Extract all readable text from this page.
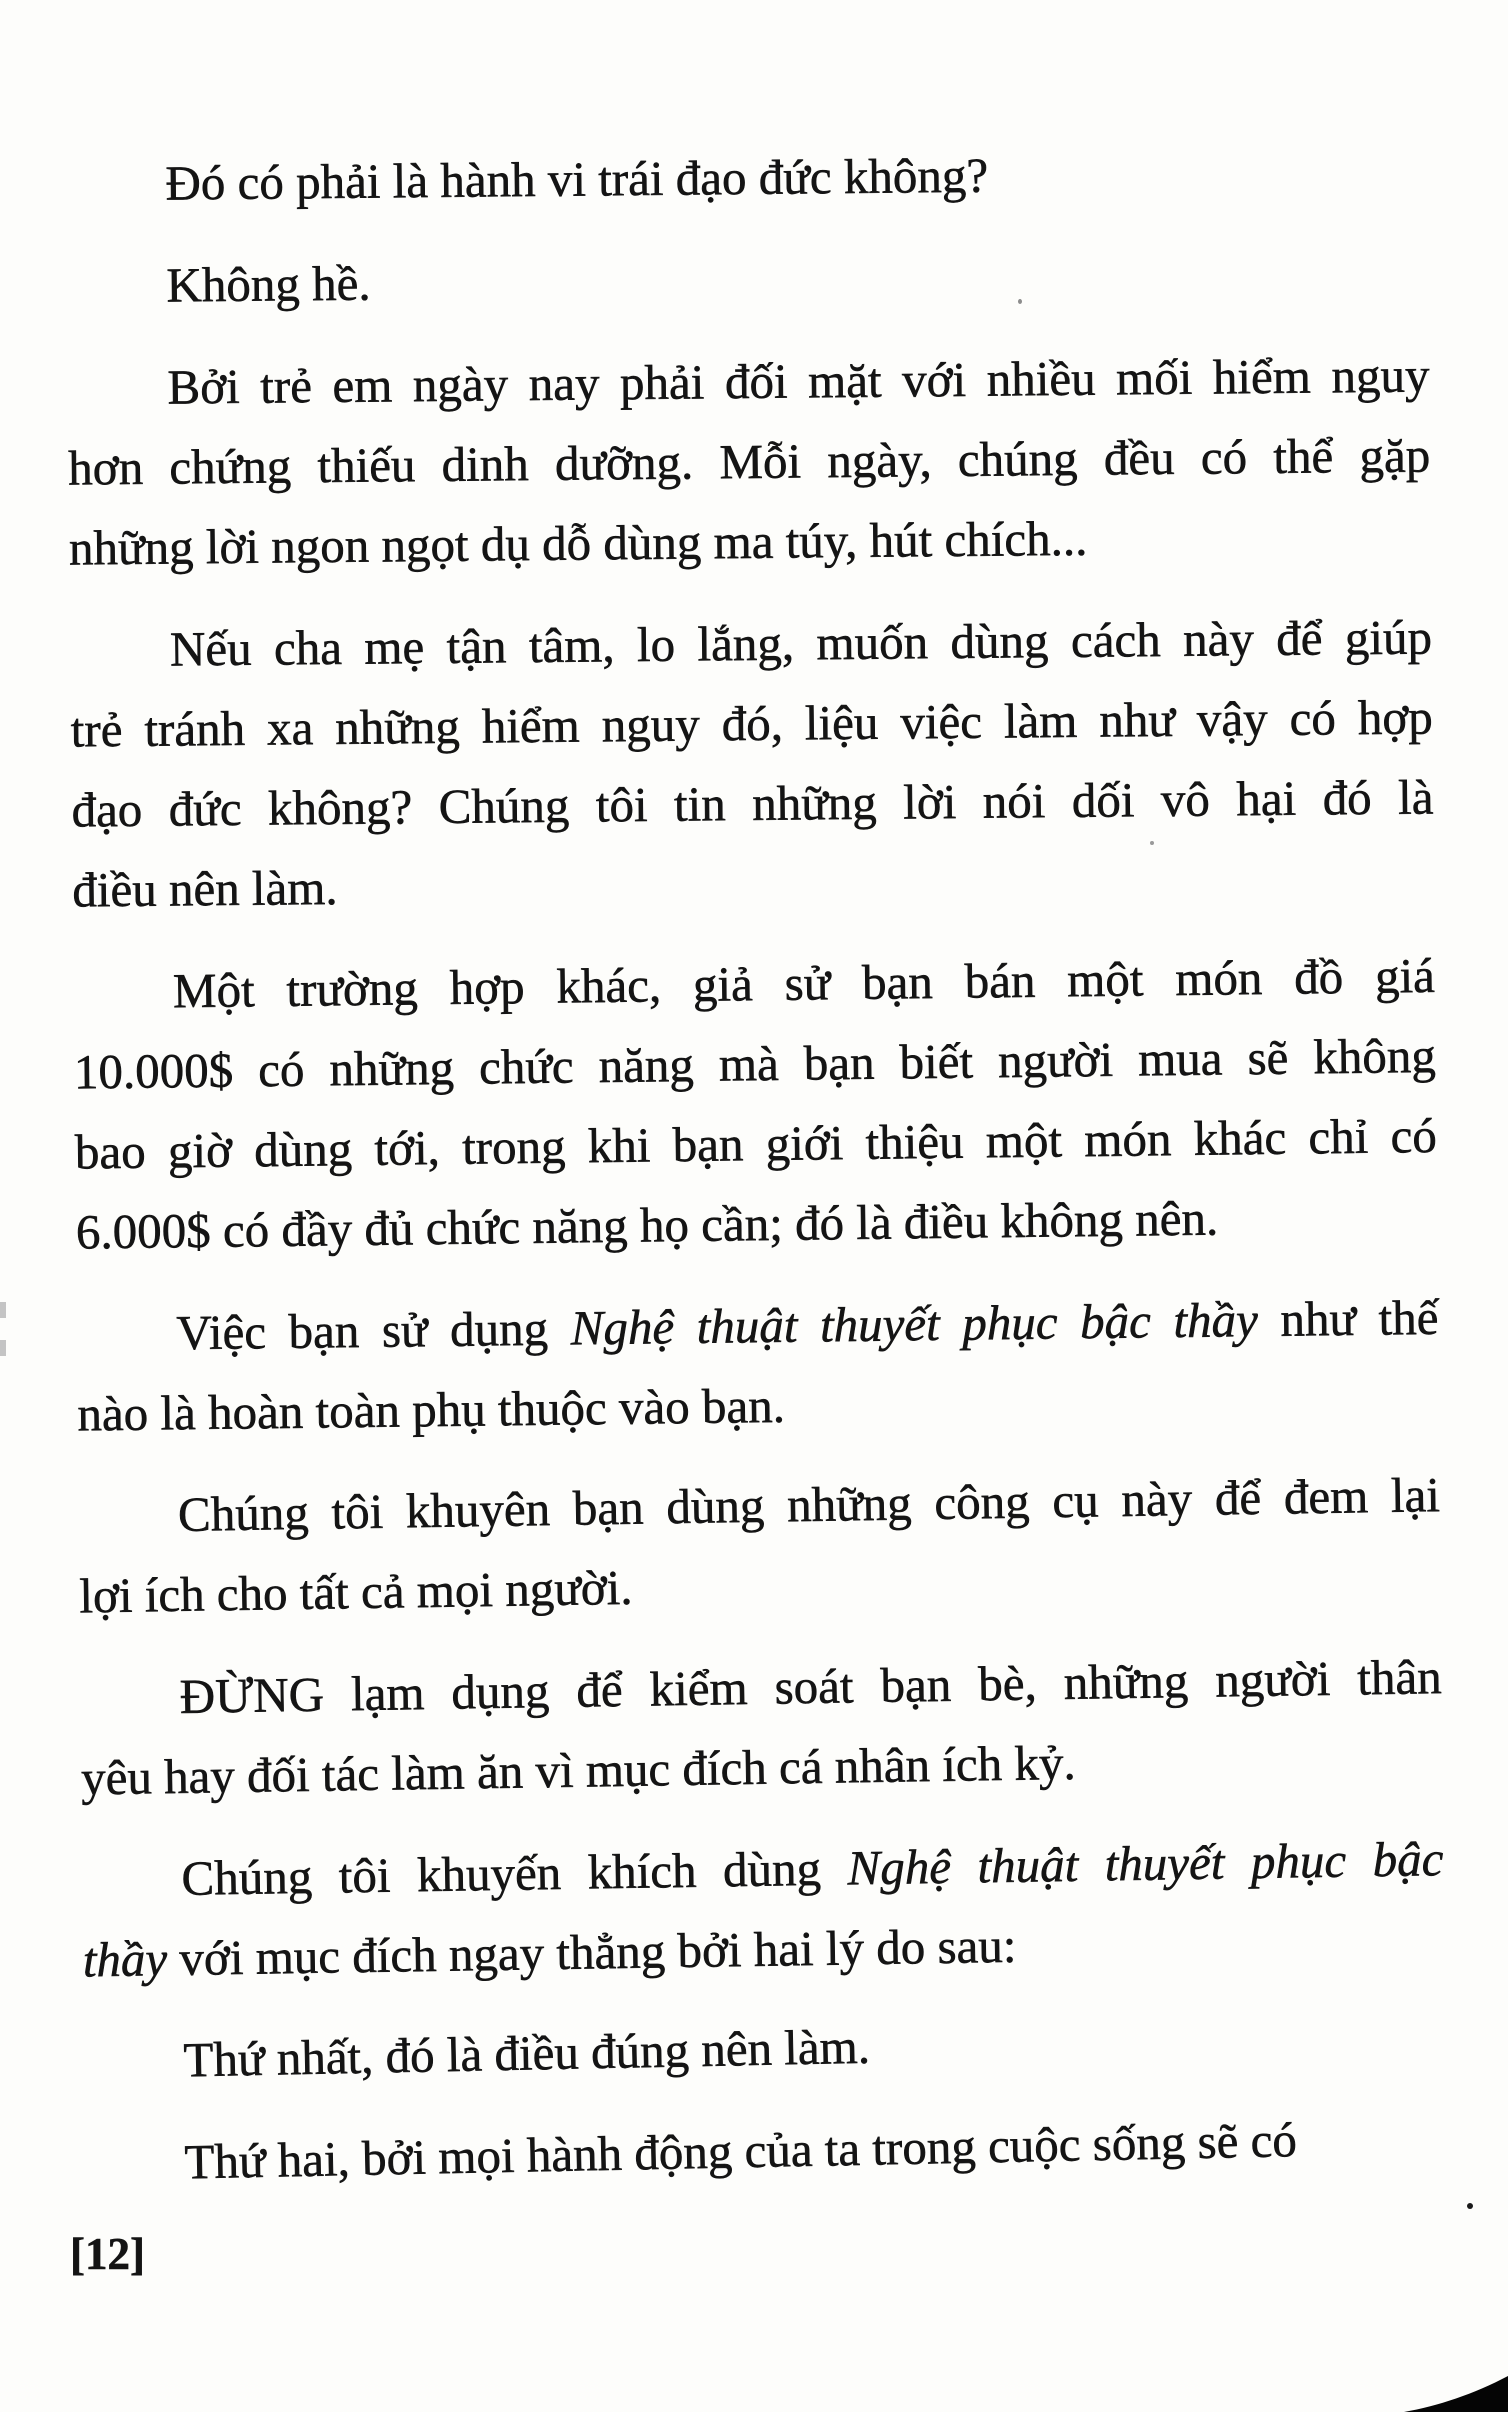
Đó có phải là hành vi trái đạo đức không?
Không hề.
Bởi trẻ em ngày nay phải đối mặt với nhiều mối hiểm nguy
hơn chứng thiếu dinh dưỡng. Mỗi ngày, chúng đều có thể gặp
những lời ngon ngọt dụ dỗ dùng ma túy, hút chích...
Nếu cha mẹ tận tâm, lo lắng, muốn dùng cách này để giúp
trẻ tránh xa những hiểm nguy đó, liệu việc làm như vậy có hợp
đạo đức không? Chúng tôi tin những lời nói dối vô hại đó là
điều nên làm.
Một trường hợp khác, giả sử bạn bán một món đồ giá
10.000$ có những chức năng mà bạn biết người mua sẽ không
bao giờ dùng tới, trong khi bạn giới thiệu một món khác chỉ có
6.000$ có đầy đủ chức năng họ cần; đó là điều không nên.
Việc bạn sử dụng Nghệ thuật thuyết phục bậc thầy như thế
nào là hoàn toàn phụ thuộc vào bạn.
Chúng tôi khuyên bạn dùng những công cụ này để đem lại
lợi ích cho tất cả mọi người.
ĐỪNG lạm dụng để kiểm soát bạn bè, những người thân
yêu hay đối tác làm ăn vì mục đích cá nhân ích kỷ.
Chúng tôi khuyến khích dùng Nghệ thuật thuyết phục bậc
thầy với mục đích ngay thẳng bởi hai lý do sau:
Thứ nhất, đó là điều đúng nên làm.
Thứ hai, bởi mọi hành động của ta trong cuộc sống sẽ có
[12]
